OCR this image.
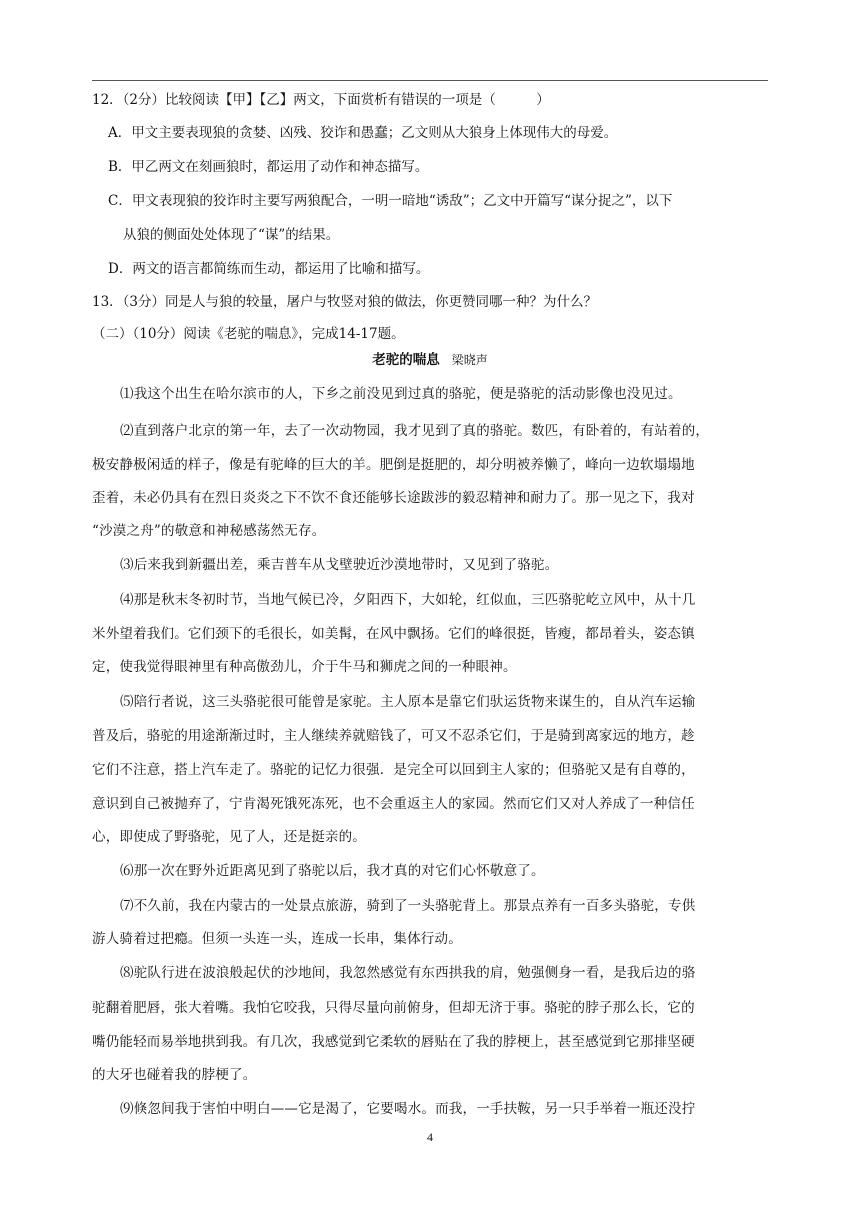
12．（2分）比较阅读【甲】【乙】两文，下面赏析有错误的一项是（　　　）
A．甲文主要表现狼的贪婪、凶残、狡诈和愚蠢；乙文则从大狼身上体现伟大的母爱。
B．甲乙两文在刻画狼时，都运用了动作和神态描写。
C．甲文表现狼的狡诈时主要写两狼配合，一明一暗地“诱敌”；乙文中开篇写“谋分捉之”，以下
从狼的侧面处处体现了“谋”的结果。
D．两文的语言都简练而生动，都运用了比喻和描写。
13．（3分）同是人与狼的较量，屠户与牧竖对狼的做法，你更赞同哪一种？为什么？
（二）（10分）阅读《老驼的喘息》，完成14-17题。
老驼的喘息 梁晓声
⑴我这个出生在哈尔滨市的人，下乡之前没见到过真的骆驼，便是骆驼的活动影像也没见过。
⑵直到落户北京的第一年，去了一次动物园，我才见到了真的骆驼。数匹，有卧着的，有站着的，
极安静极闲适的样子，像是有驼峰的巨大的羊。肥倒是挺肥的，却分明被养懒了，峰向一边软塌塌地
歪着，未必仍具有在烈日炎炎之下不饮不食还能够长途跋涉的毅忍精神和耐力了。那一见之下，我对
“沙漠之舟”的敬意和神秘感荡然无存。
⑶后来我到新疆出差，乘吉普车从戈壁驶近沙漠地带时，又见到了骆驼。
⑷那是秋末冬初时节，当地气候已冷，夕阳西下，大如轮，红似血，三匹骆驼屹立风中，从十几
米外望着我们。它们颈下的毛很长，如美髯，在风中飘扬。它们的峰很挺，皆瘦，都昂着头，姿态镇
定，使我觉得眼神里有种高傲劲儿，介于牛马和狮虎之间的一种眼神。
⑸陪行者说，这三头骆驼很可能曾是家驼。主人原本是靠它们驮运货物来谋生的，自从汽车运输
普及后，骆驼的用途渐渐过时，主人继续养就赔钱了，可又不忍杀它们，于是骑到离家远的地方，趁
它们不注意，搭上汽车走了。骆驼的记忆力很强．是完全可以回到主人家的；但骆驼又是有自尊的，
意识到自己被抛弃了，宁肯渴死饿死冻死，也不会重返主人的家园。然而它们又对人养成了一种信任
心，即使成了野骆驼，见了人，还是挺亲的。
⑹那一次在野外近距离见到了骆驼以后，我才真的对它们心怀敬意了。
⑺不久前，我在内蒙古的一处景点旅游，骑到了一头骆驼背上。那景点养有一百多头骆驼，专供
游人骑着过把瘾。但须一头连一头，连成一长串，集体行动。
⑻驼队行进在波浪般起伏的沙地间，我忽然感觉有东西拱我的肩，勉强侧身一看，是我后边的骆
驼翻着肥唇，张大着嘴。我怕它咬我，只得尽量向前俯身，但却无济于事。骆驼的脖子那么长，它的
嘴仍能轻而易举地拱到我。有几次，我感觉到它柔软的唇贴在了我的脖梗上，甚至感觉到它那排坚硬
的大牙也碰着我的脖梗了。
⑼倏忽间我于害怕中明白——它是渴了，它要喝水。而我，一手扶鞍，另一只手举着一瓶还没拧
4
